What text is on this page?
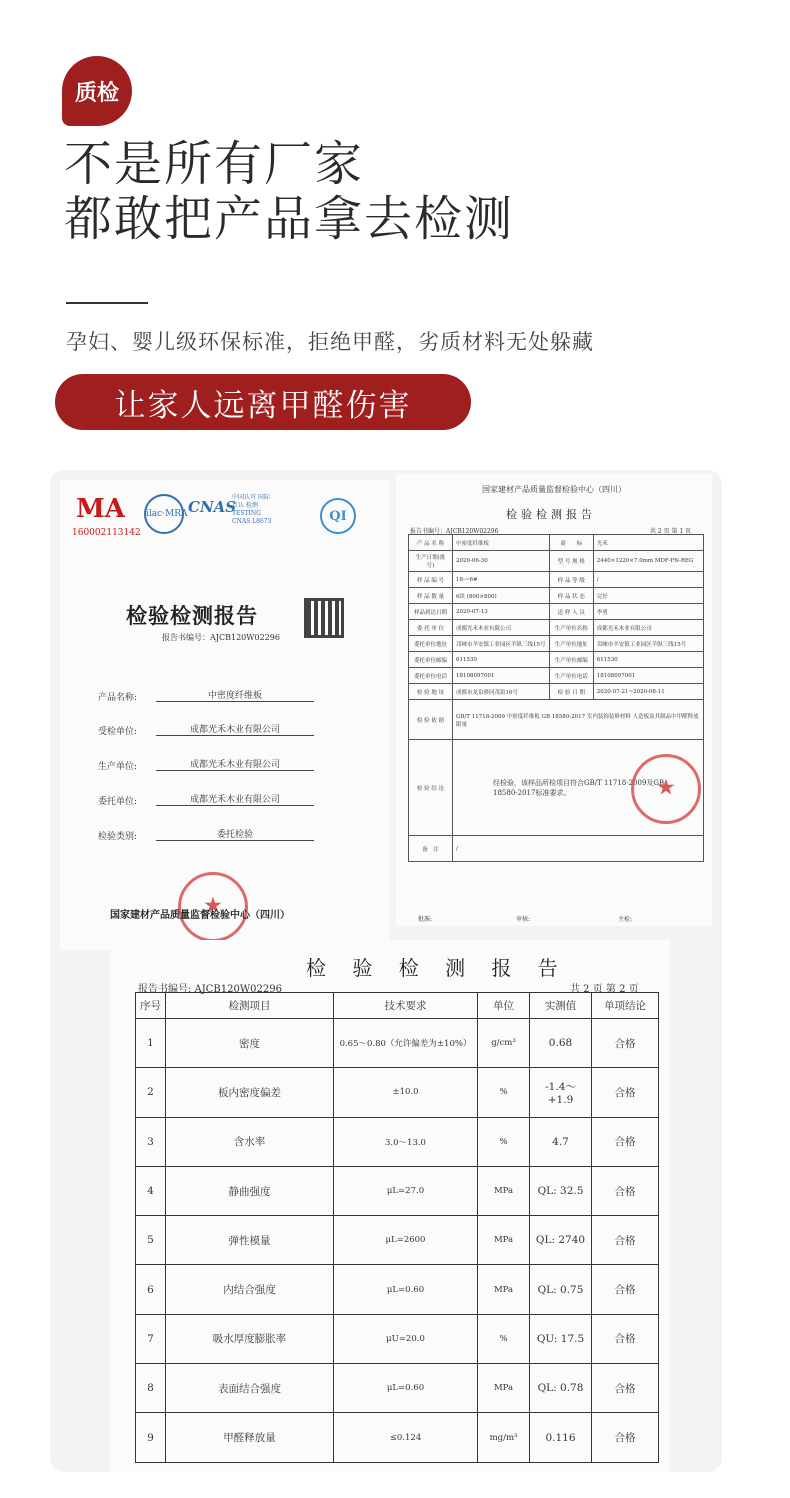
质检
不是所有厂家
都敢把产品拿去检测
孕妇、婴儿级环保标准，拒绝甲醛，劣质材料无处躲藏
让家人远离甲醛伤害
MA
160002113142
ilac·MRA CNAS
中国认可 国际互认 检测 TESTING CNAS L8673	QI
检验检测报告
报告书编号：AJCB120W02296
产品名称:	中密度纤维板
受检单位:	成都光禾木业有限公司
生产单位:	成都光禾木业有限公司
委托单位:	成都光禾木业有限公司
检验类别:	委托检验
★
国家建材产品质量监督检验中心（四川）
国家建材产品质量监督检验中心（四川）
检验检测报告
报告书编号：AJCB120W02296	共 2 页 第 1 页
产 品 名 称	中密度纤维板	商　　标	光禾
生产日期(批号)	2020-06-30	型 号 规 格	2440×1220×7.0mm MDF-FN-REG
样 品 编 号	18-~6#	样 品 等 级	/
样 品 数 量	6块 (800×800)	样 品 状 态	完好
样品到达日期	2020-07-13	送 样 人 员	李勇
委 托 单 位	成都光禾木业有限公司	生产单位名称	成都光禾木业有限公司
委托单位地址	邛崃市羊安镇工业园区羊纵三线15号	生产单位地址	邛崃市羊安镇工业园区羊纵三线15号
委托单位邮编	611530	生产单位邮编	611530
委托单位电话	18108097001	生产单位电话	18108097001
检 验 地 址	成都市龙泉驿同茂街16号	检 验 日 期	2020-07-21~2020-08-11
检 验 依 据	GB/T 11718-2009 中密度纤维板 GB 18580-2017 室内装饰装修材料 人造板及其制品中甲醛释放限量		
检 验 结 论	经检验，该样品所检项目符合GB/T 11718-2009及GB 18580-2017标准要求。
★

备　注	/		
批准:	审核:	主检:
检 验 检 测 报 告
报告书编号: AJCB120W02296	共 2 页 第 2 页
序号	检测项目	技术要求	单位	实测值	单项结论
1	密度	0.65～0.80（允许偏差为±10%）	g/cm³	0.68	合格
2	板内密度偏差	±10.0	%	-1.4～+1.9	合格
3	含水率	3.0～13.0	%	4.7	合格
4	静曲强度	μL=27.0	MPa	QL: 32.5	合格
5	弹性模量	μL=2600	MPa	QL: 2740	合格
6	内结合强度	μL=0.60	MPa	QL: 0.75	合格
7	吸水厚度膨胀率	μU=20.0	%	QU: 17.5	合格
8	表面结合强度	μL=0.60	MPa	QL: 0.78	合格
9	甲醛释放量	≤0.124	mg/m³	0.116	合格
